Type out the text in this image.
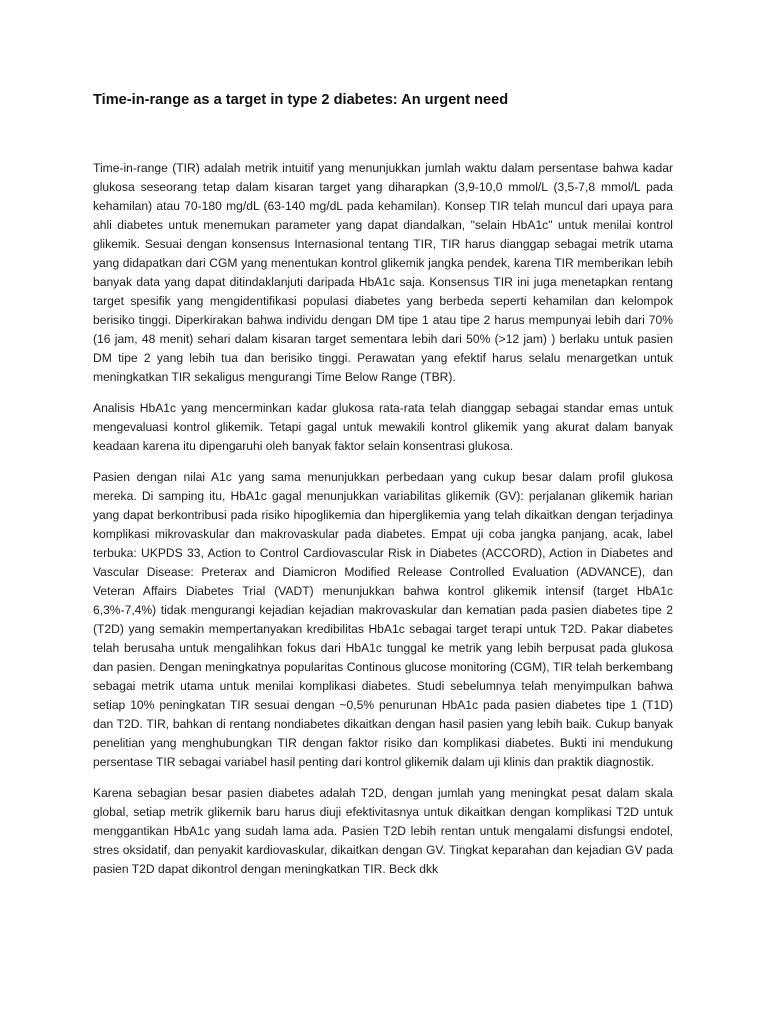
Time-in-range as a target in type 2 diabetes: An urgent need

Time-in-range (TIR) adalah metrik intuitif yang menunjukkan jumlah waktu dalam persentase bahwa kadar glukosa seseorang tetap dalam kisaran target yang diharapkan (3,9-10,0 mmol/L (3,5-7,8 mmol/L pada kehamilan) atau 70-180 mg/dL (63-140 mg/dL pada kehamilan). Konsep TIR telah muncul dari upaya para ahli diabetes untuk menemukan parameter yang dapat diandalkan, "selain HbA1c" untuk menilai kontrol glikemik. Sesuai dengan konsensus Internasional tentang TIR, TIR harus dianggap sebagai metrik utama yang didapatkan dari CGM yang menentukan kontrol glikemik jangka pendek, karena TIR memberikan lebih banyak data yang dapat ditindaklanjuti daripada HbA1c saja. Konsensus TIR ini juga menetapkan rentang target spesifik yang mengidentifikasi populasi diabetes yang berbeda seperti kehamilan dan kelompok berisiko tinggi. Diperkirakan bahwa individu dengan DM tipe 1 atau tipe 2 harus mempunyai lebih dari 70% (16 jam, 48 menit) sehari dalam kisaran target sementara lebih dari 50% (>12 jam) ) berlaku untuk pasien DM tipe 2 yang lebih tua dan berisiko tinggi. Perawatan yang efektif harus selalu menargetkan untuk meningkatkan TIR sekaligus mengurangi Time Below Range (TBR).

Analisis HbA1c yang mencerminkan kadar glukosa rata-rata telah dianggap sebagai standar emas untuk mengevaluasi kontrol glikemik. Tetapi gagal untuk mewakili kontrol glikemik yang akurat dalam banyak keadaan karena itu dipengaruhi oleh banyak faktor selain konsentrasi glukosa.

Pasien dengan nilai A1c yang sama menunjukkan perbedaan yang cukup besar dalam profil glukosa mereka. Di samping itu, HbA1c gagal menunjukkan variabilitas glikemik (GV): perjalanan glikemik harian yang dapat berkontribusi pada risiko hipoglikemia dan hiperglikemia yang telah dikaitkan dengan terjadinya komplikasi mikrovaskular dan makrovaskular pada diabetes. Empat uji coba jangka panjang, acak, label terbuka: UKPDS 33, Action to Control Cardiovascular Risk in Diabetes (ACCORD), Action in Diabetes and Vascular Disease: Preterax and Diamicron Modified Release Controlled Evaluation (ADVANCE), dan Veteran Affairs Diabetes Trial (VADT) menunjukkan bahwa kontrol glikemik intensif (target HbA1c 6,3%-7,4%) tidak mengurangi kejadian kejadian makrovaskular dan kematian pada pasien diabetes tipe 2 (T2D) yang semakin mempertanyakan kredibilitas HbA1c sebagai target terapi untuk T2D. Pakar diabetes telah berusaha untuk mengalihkan fokus dari HbA1c tunggal ke metrik yang lebih berpusat pada glukosa dan pasien. Dengan meningkatnya popularitas Continous glucose monitoring (CGM), TIR telah berkembang sebagai metrik utama untuk menilai komplikasi diabetes. Studi sebelumnya telah menyimpulkan bahwa setiap 10% peningkatan TIR sesuai dengan ~0,5% penurunan HbA1c pada pasien diabetes tipe 1 (T1D) dan T2D. TIR, bahkan di rentang nondiabetes dikaitkan dengan hasil pasien yang lebih baik. Cukup banyak penelitian yang menghubungkan TIR dengan faktor risiko dan komplikasi diabetes. Bukti ini mendukung persentase TIR sebagai variabel hasil penting dari kontrol glikemik dalam uji klinis dan praktik diagnostik.

Karena sebagian besar pasien diabetes adalah T2D, dengan jumlah yang meningkat pesat dalam skala global, setiap metrik glikemik baru harus diuji efektivitasnya untuk dikaitkan dengan komplikasi T2D untuk menggantikan HbA1c yang sudah lama ada. Pasien T2D lebih rentan untuk mengalami disfungsi endotel, stres oksidatif, dan penyakit kardiovaskular, dikaitkan dengan GV. Tingkat keparahan dan kejadian GV pada pasien T2D dapat dikontrol dengan meningkatkan TIR. Beck dkk
